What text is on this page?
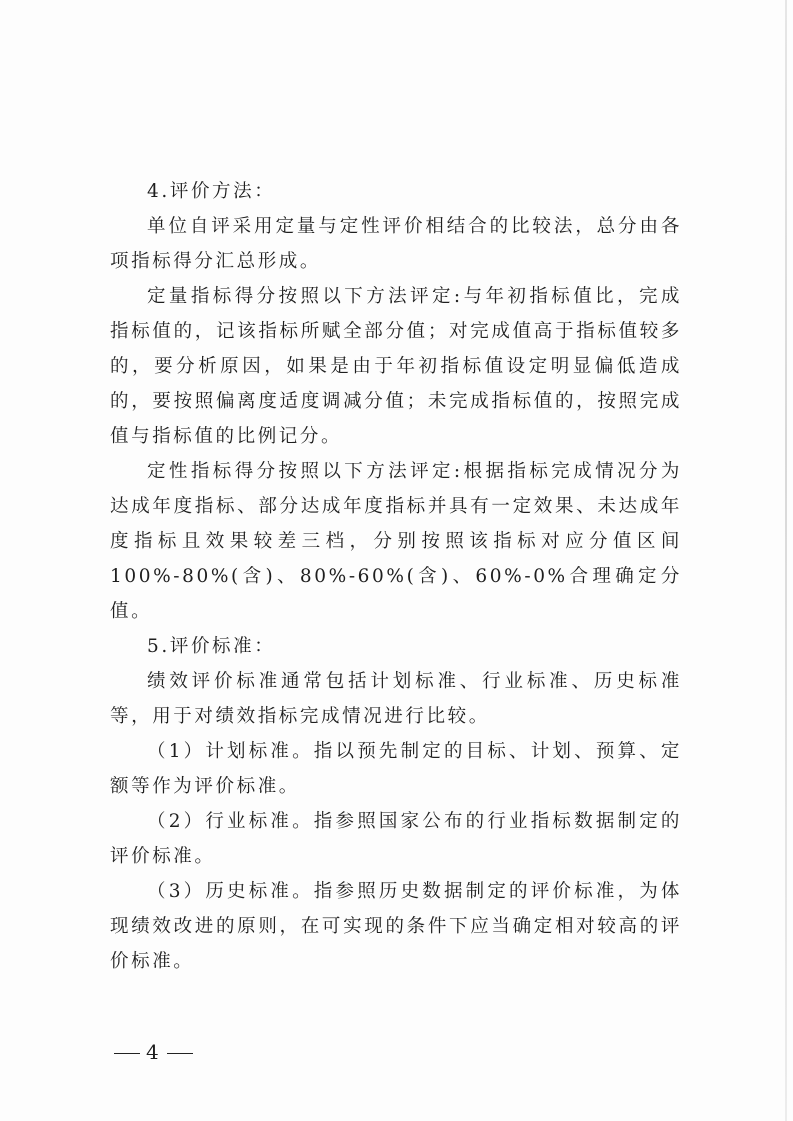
4.评价方法：

单位自评采用定量与定性评价相结合的比较法，总分由各项指标得分汇总形成。

定量指标得分按照以下方法评定:与年初指标值比，完成指标值的，记该指标所赋全部分值；对完成值高于指标值较多的，要分析原因，如果是由于年初指标值设定明显偏低造成的，要按照偏离度适度调减分值；未完成指标值的，按照完成值与指标值的比例记分。

定性指标得分按照以下方法评定:根据指标完成情况分为达成年度指标、部分达成年度指标并具有一定效果、未达成年度指标且效果较差三档，分别按照该指标对应分值区间 100%-80%(含)、80%-60%(含)、60%-0%合理确定分值。

5.评价标准：

绩效评价标准通常包括计划标准、行业标准、历史标准等，用于对绩效指标完成情况进行比较。

（1）计划标准。指以预先制定的目标、计划、预算、定额等作为评价标准。

（2）行业标准。指参照国家公布的行业指标数据制定的评价标准。

（3）历史标准。指参照历史数据制定的评价标准，为体现绩效改进的原则，在可实现的条件下应当确定相对较高的评价标准。

4
